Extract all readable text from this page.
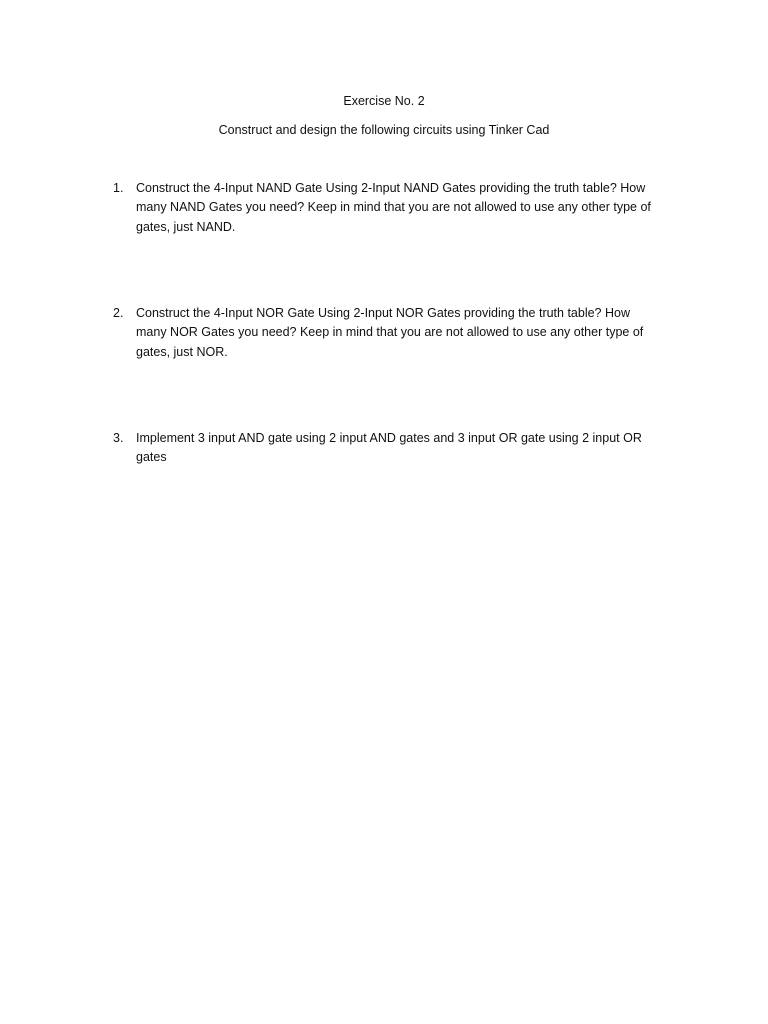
Exercise No. 2
Construct and design the following circuits using Tinker Cad
1.	Construct the 4-Input NAND Gate Using 2-Input NAND Gates providing the truth table? How many NAND Gates you need? Keep in mind that you are not allowed to use any other type of gates, just NAND.
2.	Construct the 4-Input NOR Gate Using 2-Input NOR Gates providing the truth table? How many NOR Gates you need? Keep in mind that you are not allowed to use any other type of gates, just NOR.
3.	Implement 3 input AND gate using 2 input AND gates and 3 input OR gate using 2 input OR gates
